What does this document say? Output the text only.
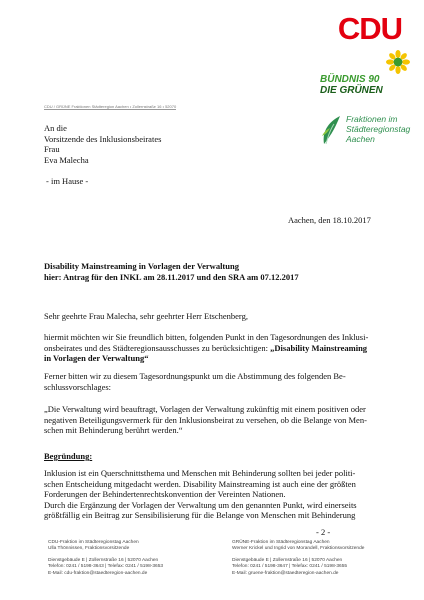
CDU
BÜNDNIS 90
DIE GRÜNEN
Fraktionen im
Städteregionstag
Aachen
CDU / GRÜNE Fraktionen Städteregion Aachen • Zollernstraße 16 • 52070
An die
Vorsitzende des Inklusionsbeirates
Frau
Eva Malecha
- im Hause -
Aachen, den 18.10.2017
Disability Mainstreaming in Vorlagen der Verwaltung
hier: Antrag für den INKL am 28.11.2017 und den SRA am 07.12.2017
Sehr geehrte Frau Malecha, sehr geehrter Herr Etschenberg,
hiermit möchten wir Sie freundlich bitten, folgenden Punkt in den Tagesordnungen des Inklusi-
onsbeirates und des Städteregionsausschusses zu berücksichtigen: „Disability Mainstreaming
in Vorlagen der Verwaltung“
Ferner bitten wir zu diesem Tagesordnungspunkt um die Abstimmung des folgenden Be-
schlussvorschlages:
„Die Verwaltung wird beauftragt, Vorlagen der Verwaltung zukünftig mit einem positiven oder
negativen Beteiligungsvermerk für den Inklusionsbeirat zu versehen, ob die Belange von Men-
schen mit Behinderung berührt werden.“
Begründung:
Inklusion ist ein Querschnittsthema und Menschen mit Behinderung sollten bei jeder politi-
schen Entscheidung mitgedacht werden. Disability Mainstreaming ist auch eine der größten
Forderungen der Behindertenrechtskonvention der Vereinten Nationen.
Durch die Ergänzung der Vorlagen der Verwaltung um den genannten Punkt, wird einerseits
größtfällig ein Beitrag zur Sensibilisierung für die Belange von Menschen mit Behinderung
- 2 -
CDU-Fraktion im Städteregionstag Aachen
Ulla Thönnissen, Fraktionsvorsitzende
Dienstgebäude E | Zollernstraße 16 | 52070 Aachen
Telefon: 0241 / 5198-3643 | Telefax: 0241 / 5198-3653
E-Mail: cdu-fraktion@staedteregion-aachen.de
GRÜNE-Fraktion im Städteregionstag Aachen
Werner Krickel und Ingrid von Morandell, Fraktionsvorsitzende
Dienstgebäude E | Zollernstraße 16 | 52070 Aachen
Telefon: 0241 / 5198-3647 | Telefax: 0241 / 5198-3655
E-Mail: gruene-fraktion@staedteregion-aachen.de
